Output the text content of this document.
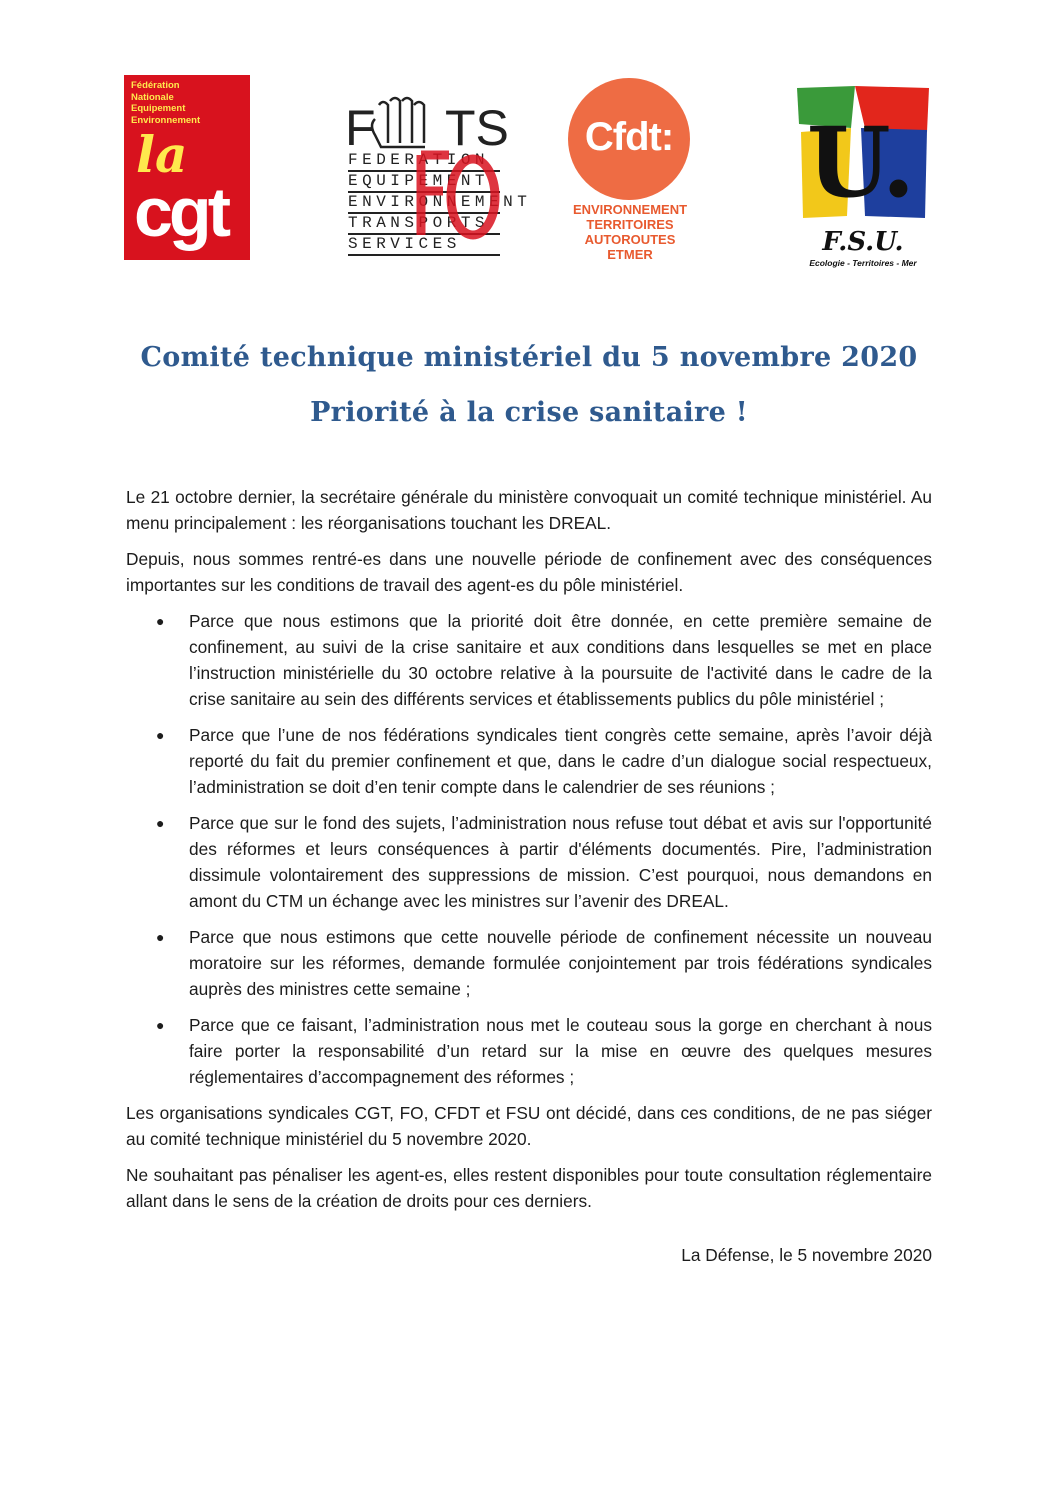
Fédération
Nationale
Equipement
Environnement
la
cgt
F TS
FEDERATION
EQUIPEMENT
ENVIRONNEMENT
TRANSPORTS
SERVICES
Cfdt:
ENVIRONNEMENT
TERRITOIRES
AUTOROUTES
ETMER
U.
F.S.U.
Ecologie - Territoires - Mer
Comité technique ministériel du 5 novembre 2020
Priorité à la crise sanitaire !

Le 21 octobre dernier, la secrétaire générale du ministère convoquait un comité technique ministériel. Au menu principalement : les réorganisations touchant les DREAL.

Depuis, nous sommes rentré-es dans une nouvelle période de confinement avec des conséquences importantes sur les conditions de travail des agent-es du pôle ministériel.

● Parce que nous estimons que la priorité doit être donnée, en cette première semaine de confinement, au suivi de la crise sanitaire et aux conditions dans lesquelles se met en place l’instruction ministérielle du 30 octobre relative à la poursuite de l'activité dans le cadre de la crise sanitaire au sein des différents services et établissements publics du pôle ministériel ;
● Parce que l’une de nos fédérations syndicales tient congrès cette semaine, après l’avoir déjà reporté du fait du premier confinement et que, dans le cadre d’un dialogue social respectueux, l’administration se doit d’en tenir compte dans le calendrier de ses réunions ;
● Parce que sur le fond des sujets, l’administration nous refuse tout débat et avis sur l'opportunité des réformes et leurs conséquences à partir d'éléments documentés. Pire, l’administration dissimule volontairement des suppressions de mission. C’est pourquoi, nous demandons en amont du CTM un échange avec les ministres sur l’avenir des DREAL.
● Parce que nous estimons que cette nouvelle période de confinement nécessite un nouveau moratoire sur les réformes, demande formulée conjointement par trois fédérations syndicales auprès des ministres cette semaine ;
● Parce que ce faisant, l’administration nous met le couteau sous la gorge en cherchant à nous faire porter la responsabilité d’un retard sur la mise en œuvre des quelques mesures réglementaires d’accompagnement des réformes ;

Les organisations syndicales CGT, FO, CFDT et FSU ont décidé, dans ces conditions, de ne pas siéger au comité technique ministériel du 5 novembre 2020.

Ne souhaitant pas pénaliser les agent-es, elles restent disponibles pour toute consultation réglementaire allant dans le sens de la création de droits pour ces derniers.

La Défense, le 5 novembre 2020
